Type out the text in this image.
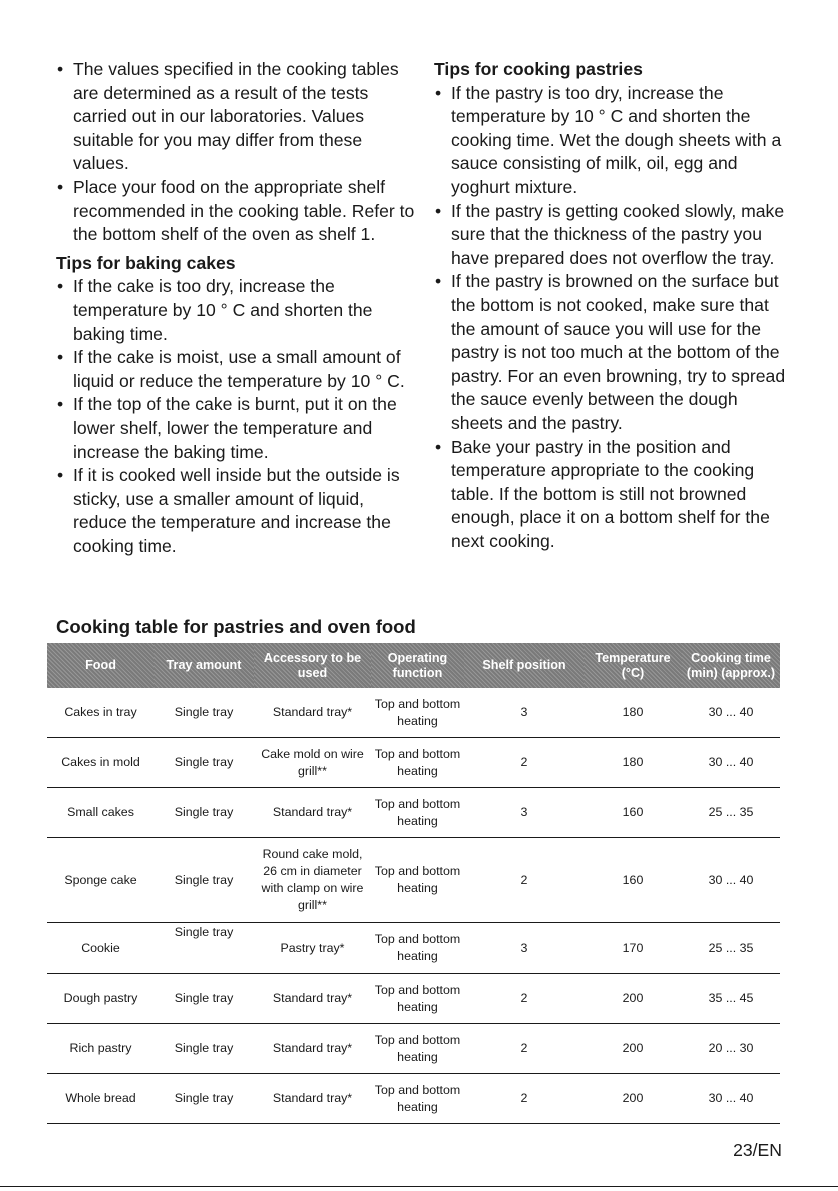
• The values specified in the cooking tables are determined as a result of the tests carried out in our laboratories. Values suitable for you may differ from these values.
• Place your food on the appropriate shelf recommended in the cooking table. Refer to the bottom shelf of the oven as shelf 1.
Tips for baking cakes
• If the cake is too dry, increase the temperature by 10 ° C and shorten the baking time.
• If the cake is moist, use a small amount of liquid or reduce the temperature by 10 ° C.
• If the top of the cake is burnt, put it on the lower shelf, lower the temperature and increase the baking time.
• If it is cooked well inside but the outside is sticky, use a smaller amount of liquid, reduce the temperature and increase the cooking time.
Tips for cooking pastries
• If the pastry is too dry, increase the temperature by 10 ° C and shorten the cooking time. Wet the dough sheets with a sauce consisting of milk, oil, egg and yoghurt mixture.
• If the pastry is getting cooked slowly, make sure that the thickness of the pastry you have prepared does not overflow the tray.
• If the pastry is browned on the surface but the bottom is not cooked, make sure that the amount of sauce you will use for the pastry is not too much at the bottom of the pastry. For an even browning, try to spread the sauce evenly between the dough sheets and the pastry.
• Bake your pastry in the position and temperature appropriate to the cooking table. If the bottom is still not browned enough, place it on a bottom shelf for the next cooking.
Cooking table for pastries and oven food
Food	Tray amount	Accessory to be used	Operating function	Shelf position	Temperature (°C)	Cooking time (min) (approx.)
Cakes in tray	Single tray	Standard tray*	Top and bottom heating	3	180	30 ... 40
Cakes in mold	Single tray	Cake mold on wire grill**	Top and bottom heating	2	180	30 ... 40
Small cakes	Single tray	Standard tray*	Top and bottom heating	3	160	25 ... 35
Sponge cake	Single tray	Round cake mold, 26 cm in diameter with clamp on wire grill**	Top and bottom heating	2	160	30 ... 40
Cookie	Single tray	Pastry tray*	Top and bottom heating	3	170	25 ... 35
Dough pastry	Single tray	Standard tray*	Top and bottom heating	2	200	35 ... 45
Rich pastry	Single tray	Standard tray*	Top and bottom heating	2	200	20 ... 30
Whole bread	Single tray	Standard tray*	Top and bottom heating	2	200	30 ... 40
23/EN
